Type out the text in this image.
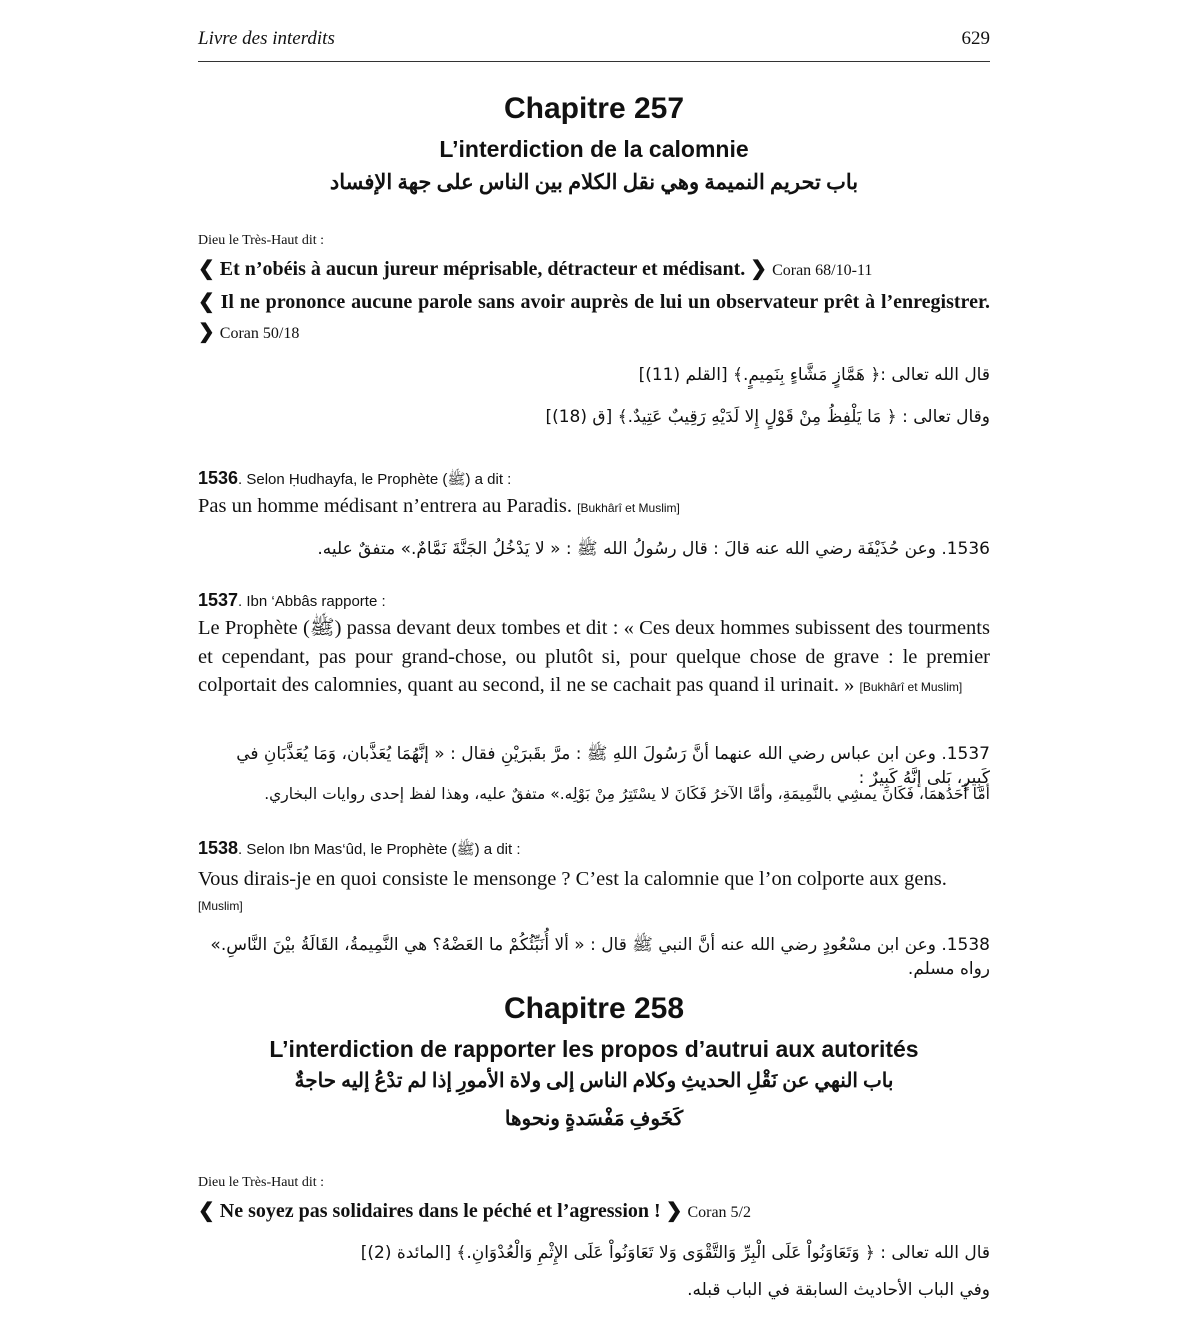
Livre des interdits	629
Chapitre 257
L’interdiction de la calomnie
باب تحريم النميمة وهي نقل الكلام بين الناس على جهة الإفساد
Dieu le Très-Haut dit :
❮ Et n’obéis à aucun jureur méprisable, détracteur et médisant. ❯ Coran 68/10-11
❮ Il ne prononce aucune parole sans avoir auprès de lui un observateur prêt à l’enregistrer. ❯ Coran 50/18
قال الله تعالى :﴿ هَمَّازٍ مَشَّاءٍ بِنَمِيمٍ.﴾ [القلم (11)]
وقال تعالى : ﴿ مَا يَلْفِظُ مِنْ قَوْلٍ إِلا لَدَيْهِ رَقِيبٌ عَتِيدٌ.﴾ [ق (18)]
1536. Selon Ḥudhayfa, le Prophète (ﷺ) a dit :
Pas un homme médisant n’entrera au Paradis. [Bukhârî et Muslim]
1536. وعن حُذَيْفَة رضي الله عنه قالَ : قال رسُولُ الله ﷺ : « لا يَدْخُلُ الجَنَّةَ نَمَّامٌ.» متفقٌ عليه.
1537. Ibn ‘Abbâs rapporte :
Le Prophète (ﷺ) passa devant deux tombes et dit : « Ces deux hommes subissent des tourments et cependant, pas pour grand-chose, ou plutôt si, pour quelque chose de grave : le premier colportait des calomnies, quant au second, il ne se cachait pas quand il urinait. » [Bukhârî et Muslim]
1537. وعن ابن عباس رضي الله عنهما أنَّ رَسُولَ اللهِ ﷺ : مرَّ بقَبرَيْنِ فقال : « إنَّهُمَا يُعَذَّبان، وَمَا يُعَذَّبَانِ في كَبِيرٍ، بَلى إنَّهُ كَبِيرٌ :
أمَّا أحَدُهمَا، فَكَانَ يمشِي بالنَّمِيمَةِ، وأمَّا الآخرُ فَكَانَ لا يسْتَتِرُ مِنْ بَوْلِه.» متفقٌ عليه، وهذا لفظ إحدى روايات البخاري.
1538. Selon Ibn Mas‘ûd, le Prophète (ﷺ) a dit :
Vous dirais-je en quoi consiste le mensonge ? C’est la calomnie que l’on colporte aux gens.
[Muslim]
1538. وعن ابن مسْعُودٍ رضي الله عنه أنَّ النبي ﷺ قال : « ألا أُنَبِّئُكُمْ ما العَضْهُ؟ هي النَّمِيمةُ، القَالَةُ بيْنَ النَّاسِ.» رواه مسلم.
Chapitre 258
L’interdiction de rapporter les propos d’autrui aux autorités
باب النهي عن نَقْلِ الحديثِ وكلام الناس إلى ولاة الأمورِ إذا لم تدْعُ إليه حاجةٌ
كَخَوفِ مَفْسَدةٍ ونحوها
Dieu le Très-Haut dit :
❮ Ne soyez pas solidaires dans le péché et l’agression ! ❯ Coran 5/2
قال الله تعالى : ﴿ وَتَعَاوَنُواْ عَلَى الْبِرِّ وَالتَّقْوَى وَلا تَعَاوَنُواْ عَلَى الإِثْمِ وَالْعُدْوَانِ.﴾ [المائدة (2)]
وفي الباب الأحاديث السابقة في الباب قبله.
